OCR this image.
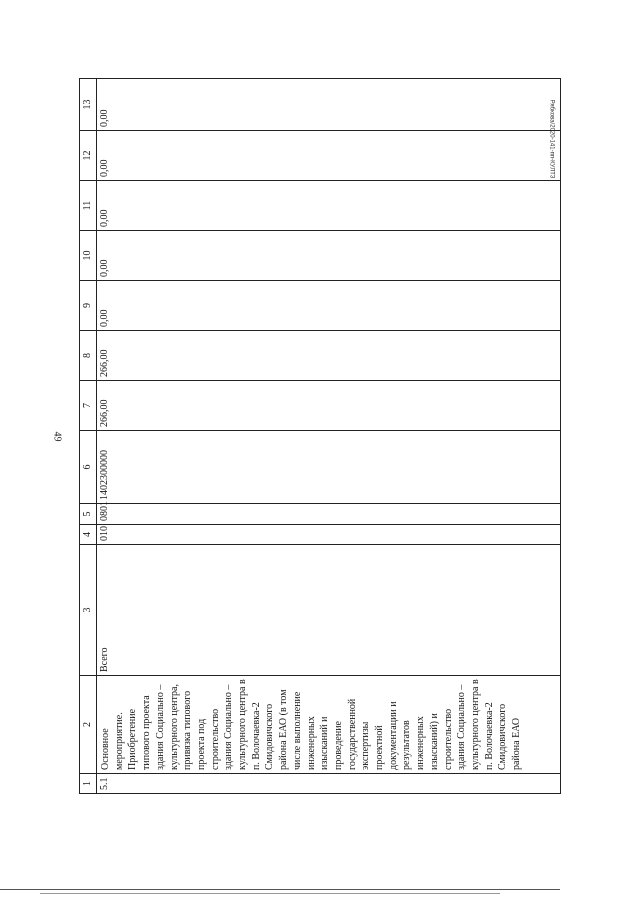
49
Рябкова/2020-141-пп-КУЛТЗ
1	2	3	4	5	6	7	8	9	10	11	12	13
5.1	Основное мероприятие. Приобретение типового проекта здания Социально – культурного центра, привязка типового проекта под строительство здания Социально – культурного центра в п. Волочаевка-2 Смидовичского района ЕАО (в том числе выполнение инженерных изысканий и проведение государственной экспертизы проектной документации и результатов инженерных изысканий) и строительство здания Социально – культурного центра в п. Волочаевка-2 Смидовичского района ЕАО	Всего	010	0801	1402300000	266,00	266,00	0,00	0,00	0,00	0,00	0,00
